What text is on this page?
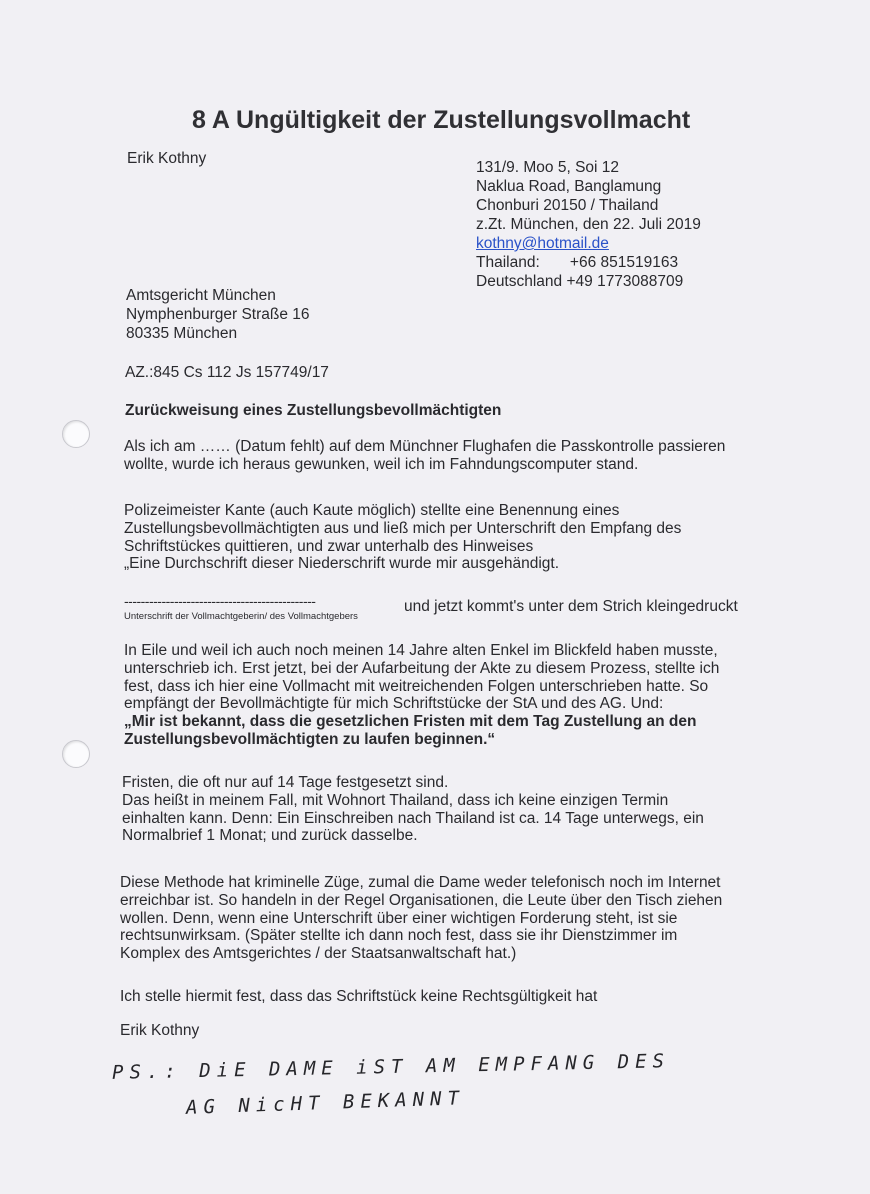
8 A Ungültigkeit der Zustellungsvollmacht
Erik Kothny
131/9. Moo 5, Soi 12
Naklua Road, Banglamung
Chonburi 20150 / Thailand
z.Zt. München, den 22. Juli 2019
kothny@hotmail.de
Thailand:       +66 851519163
Deutschland +49 1773088709
Amtsgericht München
Nymphenburger Straße 16
80335 München
AZ.:845 Cs 112 Js 157749/17
Zurückweisung eines Zustellungsbevollmächtigten
Als ich am …… (Datum fehlt) auf dem Münchner Flughafen die Passkontrolle passieren
wollte, wurde ich heraus gewunken, weil ich im Fahndungscomputer stand.
Polizeimeister Kante (auch Kaute möglich) stellte eine Benennung eines
Zustellungsbevollmächtigten aus und ließ mich per Unterschrift den Empfang des
Schriftstückes quittieren, und zwar unterhalb des Hinweises
„Eine Durchschrift dieser Niederschrift wurde mir ausgehändigt.
----------------------------------------------
Unterschrift der Vollmachtgeberin/ des Vollmachtgebers
und jetzt kommt's unter dem Strich kleingedruckt
In Eile und weil ich auch noch meinen 14 Jahre alten Enkel im Blickfeld haben musste,
unterschrieb ich. Erst jetzt, bei der Aufarbeitung der Akte zu diesem Prozess, stellte ich
fest, dass ich hier eine Vollmacht mit weitreichenden Folgen unterschrieben hatte. So
empfängt der Bevollmächtigte für mich Schriftstücke der StA und des AG. Und:
„Mir ist bekannt, dass die gesetzlichen Fristen mit dem Tag Zustellung an den
Zustellungsbevollmächtigten zu laufen beginnen.“
Fristen, die oft nur auf 14 Tage festgesetzt sind.
Das heißt in meinem Fall, mit Wohnort Thailand, dass ich keine einzigen Termin
einhalten kann. Denn: Ein Einschreiben nach Thailand ist ca. 14 Tage unterwegs, ein
Normalbrief 1 Monat; und zurück dasselbe.
Diese Methode hat kriminelle Züge, zumal die Dame weder telefonisch noch im Internet
erreichbar ist. So handeln in der Regel Organisationen, die Leute über den Tisch ziehen
wollen. Denn, wenn eine Unterschrift über einer wichtigen Forderung steht, ist sie
rechtsunwirksam. (Später stellte ich dann noch fest, dass sie ihr Dienstzimmer im
Komplex des Amtsgerichtes / der Staatsanwaltschaft hat.)
Ich stelle hiermit fest, dass das Schriftstück keine Rechtsgültigkeit hat
Erik Kothny
PS.: DiE DAME iST AM EMPFANG DES
AG NicHT BEKANNT
